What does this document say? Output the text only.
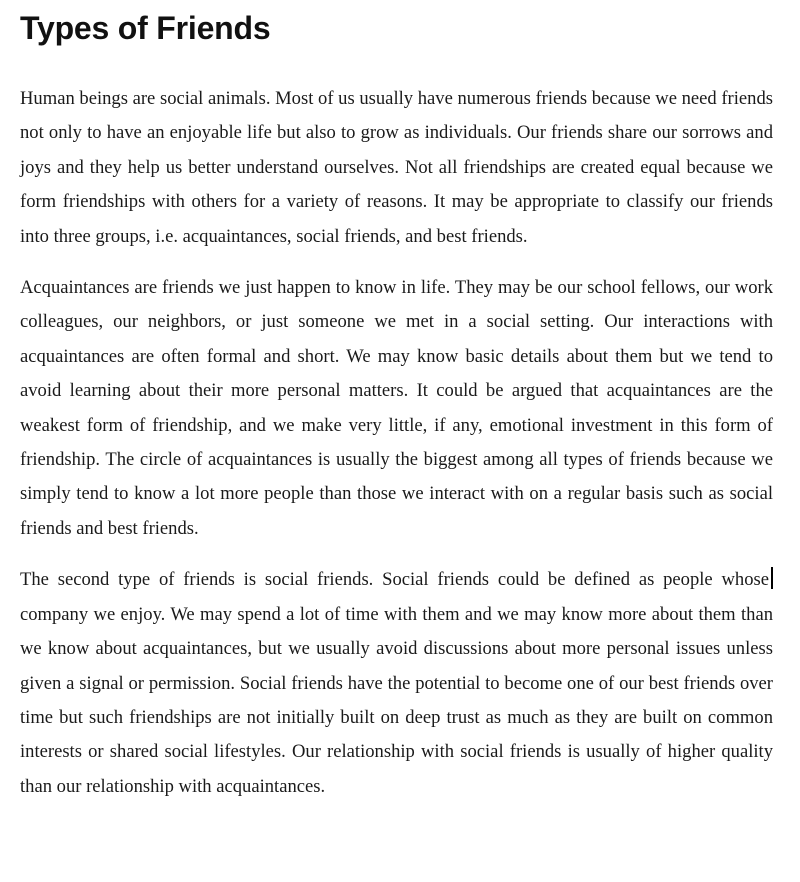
Types of Friends

Human beings are social animals. Most of us usually have numerous friends because we need friends not only to have an enjoyable life but also to grow as individuals. Our friends share our sorrows and joys and they help us better understand ourselves. Not all friendships are created equal because we form friendships with others for a variety of reasons. It may be appropriate to classify our friends into three groups, i.e. acquaintances, social friends, and best friends.

Acquaintances are friends we just happen to know in life. They may be our school fellows, our work colleagues, our neighbors, or just someone we met in a social setting. Our interactions with acquaintances are often formal and short. We may know basic details about them but we tend to avoid learning about their more personal matters. It could be argued that acquaintances are the weakest form of friendship, and we make very little, if any, emotional investment in this form of friendship. The circle of acquaintances is usually the biggest among all types of friends because we simply tend to know a lot more people than those we interact with on a regular basis such as social friends and best friends.

The second type of friends is social friends. Social friends could be defined as people whose company we enjoy. We may spend a lot of time with them and we may know more about them than we know about acquaintances, but we usually avoid discussions about more personal issues unless given a signal or permission. Social friends have the potential to become one of our best friends over time but such friendships are not initially built on deep trust as much as they are built on common interests or shared social lifestyles. Our relationship with social friends is usually of higher quality than our relationship with acquaintances.
